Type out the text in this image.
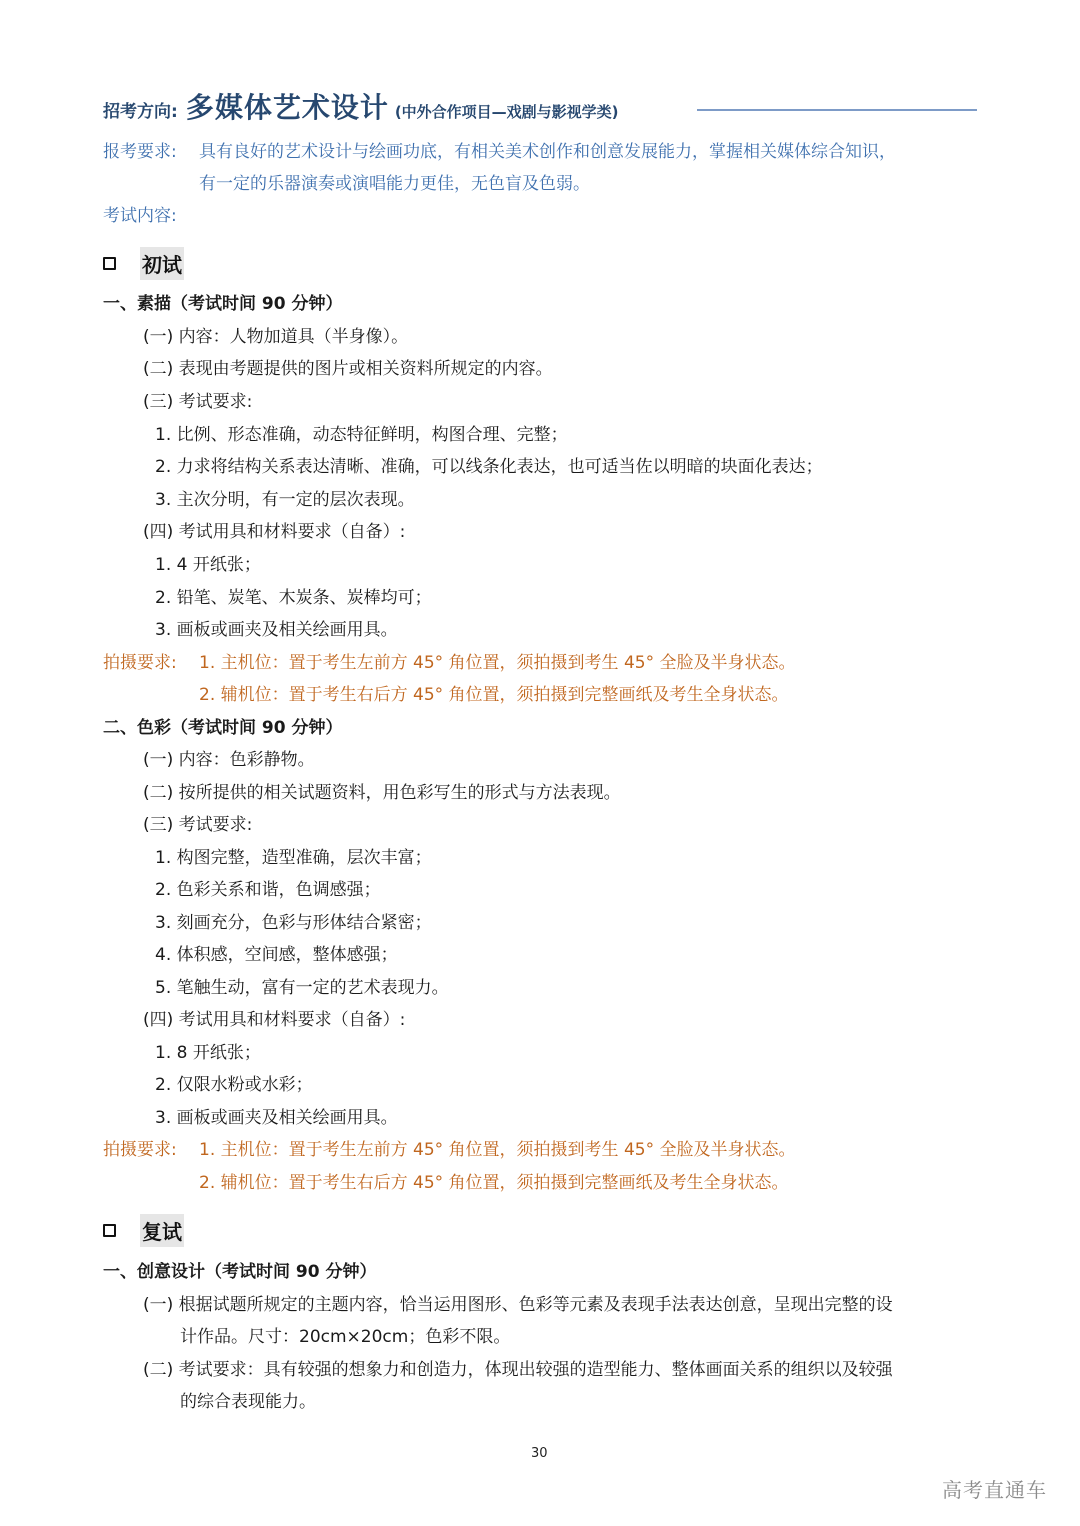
招考方向: 多媒体艺术设计 (中外合作项目—戏剧与影视学类)
报考要求: 具有良好的艺术设计与绘画功底，有相关美术创作和创意发展能力，掌握相关媒体综合知识，
有一定的乐器演奏或演唱能力更佳，无色盲及色弱。
考试内容:
初试
一、素描（考试时间 90 分钟）
(一) 内容：人物加道具（半身像）。
(二) 表现由考题提供的图片或相关资料所规定的内容。
(三) 考试要求:
1. 比例、形态准确，动态特征鲜明，构图合理、完整；
2. 力求将结构关系表达清晰、准确，可以线条化表达，也可适当佐以明暗的块面化表达；
3. 主次分明，有一定的层次表现。
(四) 考试用具和材料要求（自备）:
1. 4 开纸张；
2. 铅笔、炭笔、木炭条、炭棒均可；
3. 画板或画夹及相关绘画用具。
拍摄要求: 1. 主机位：置于考生左前方 45° 角位置，须拍摄到考生 45° 全脸及半身状态。
2. 辅机位：置于考生右后方 45° 角位置，须拍摄到完整画纸及考生全身状态。
二、色彩（考试时间 90 分钟）
(一) 内容：色彩静物。
(二) 按所提供的相关试题资料，用色彩写生的形式与方法表现。
(三) 考试要求:
1. 构图完整，造型准确，层次丰富；
2. 色彩关系和谐，色调感强；
3. 刻画充分，色彩与形体结合紧密；
4. 体积感，空间感，整体感强；
5. 笔触生动，富有一定的艺术表现力。
(四) 考试用具和材料要求（自备）:
1. 8 开纸张；
2. 仅限水粉或水彩；
3. 画板或画夹及相关绘画用具。
拍摄要求: 1. 主机位：置于考生左前方 45° 角位置，须拍摄到考生 45° 全脸及半身状态。
2. 辅机位：置于考生右后方 45° 角位置，须拍摄到完整画纸及考生全身状态。
复试
一、创意设计（考试时间 90 分钟）
(一) 根据试题所规定的主题内容，恰当运用图形、色彩等元素及表现手法表达创意，呈现出完整的设
计作品。尺寸：20cm×20cm；色彩不限。
(二) 考试要求：具有较强的想象力和创造力，体现出较强的造型能力、整体画面关系的组织以及较强
的综合表现能力。
30
高考直通车
